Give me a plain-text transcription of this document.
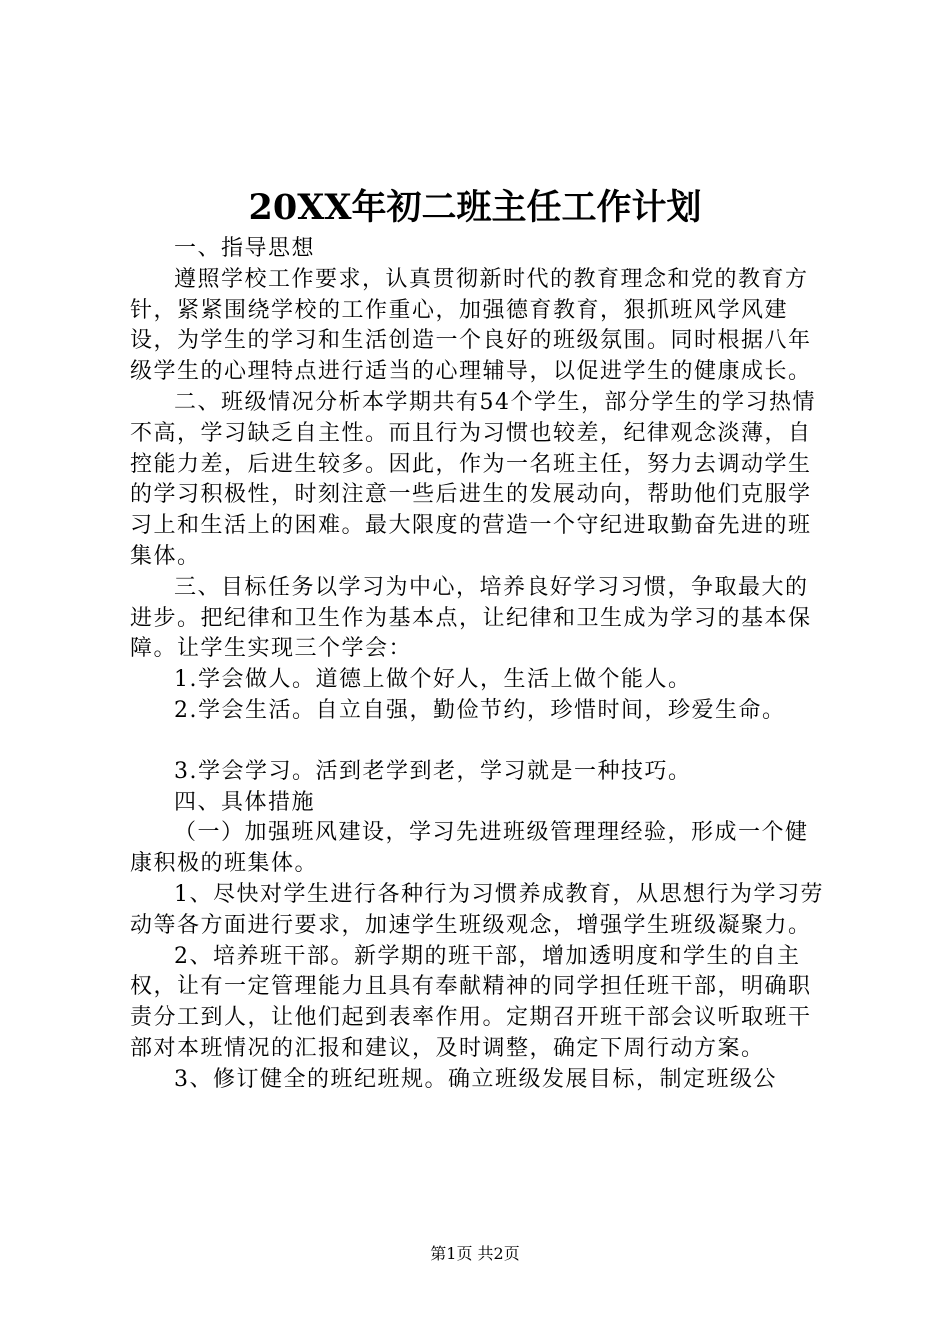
20XX年初二班主任工作计划

一、指导思想

遵照学校工作要求，认真贯彻新时代的教育理念和党的教育方针，紧紧围绕学校的工作重心，加强德育教育，狠抓班风学风建设，为学生的学习和生活创造一个良好的班级氛围。同时根据八年级学生的心理特点进行适当的心理辅导，以促进学生的健康成长。

二、班级情况分析本学期共有54个学生，部分学生的学习热情不高，学习缺乏自主性。而且行为习惯也较差，纪律观念淡薄，自控能力差，后进生较多。因此，作为一名班主任，努力去调动学生的学习积极性，时刻注意一些后进生的发展动向，帮助他们克服学习上和生活上的困难。最大限度的营造一个守纪进取勤奋先进的班集体。

三、目标任务以学习为中心，培养良好学习习惯，争取最大的进步。把纪律和卫生作为基本点，让纪律和卫生成为学习的基本保障。让学生实现三个学会：

1.学会做人。道德上做个好人，生活上做个能人。

2.学会生活。自立自强，勤俭节约，珍惜时间，珍爱生命。

3.学会学习。活到老学到老，学习就是一种技巧。

四、具体措施

（一）加强班风建设，学习先进班级管理理经验，形成一个健康积极的班集体。

1、尽快对学生进行各种行为习惯养成教育，从思想行为学习劳动等各方面进行要求，加速学生班级观念，增强学生班级凝聚力。

2、培养班干部。新学期的班干部，增加透明度和学生的自主权，让有一定管理能力且具有奉献精神的同学担任班干部，明确职责分工到人，让他们起到表率作用。定期召开班干部会议听取班干部对本班情况的汇报和建议，及时调整，确定下周行动方案。

3、修订健全的班纪班规。确立班级发展目标，制定班级公

第1页 共2页
